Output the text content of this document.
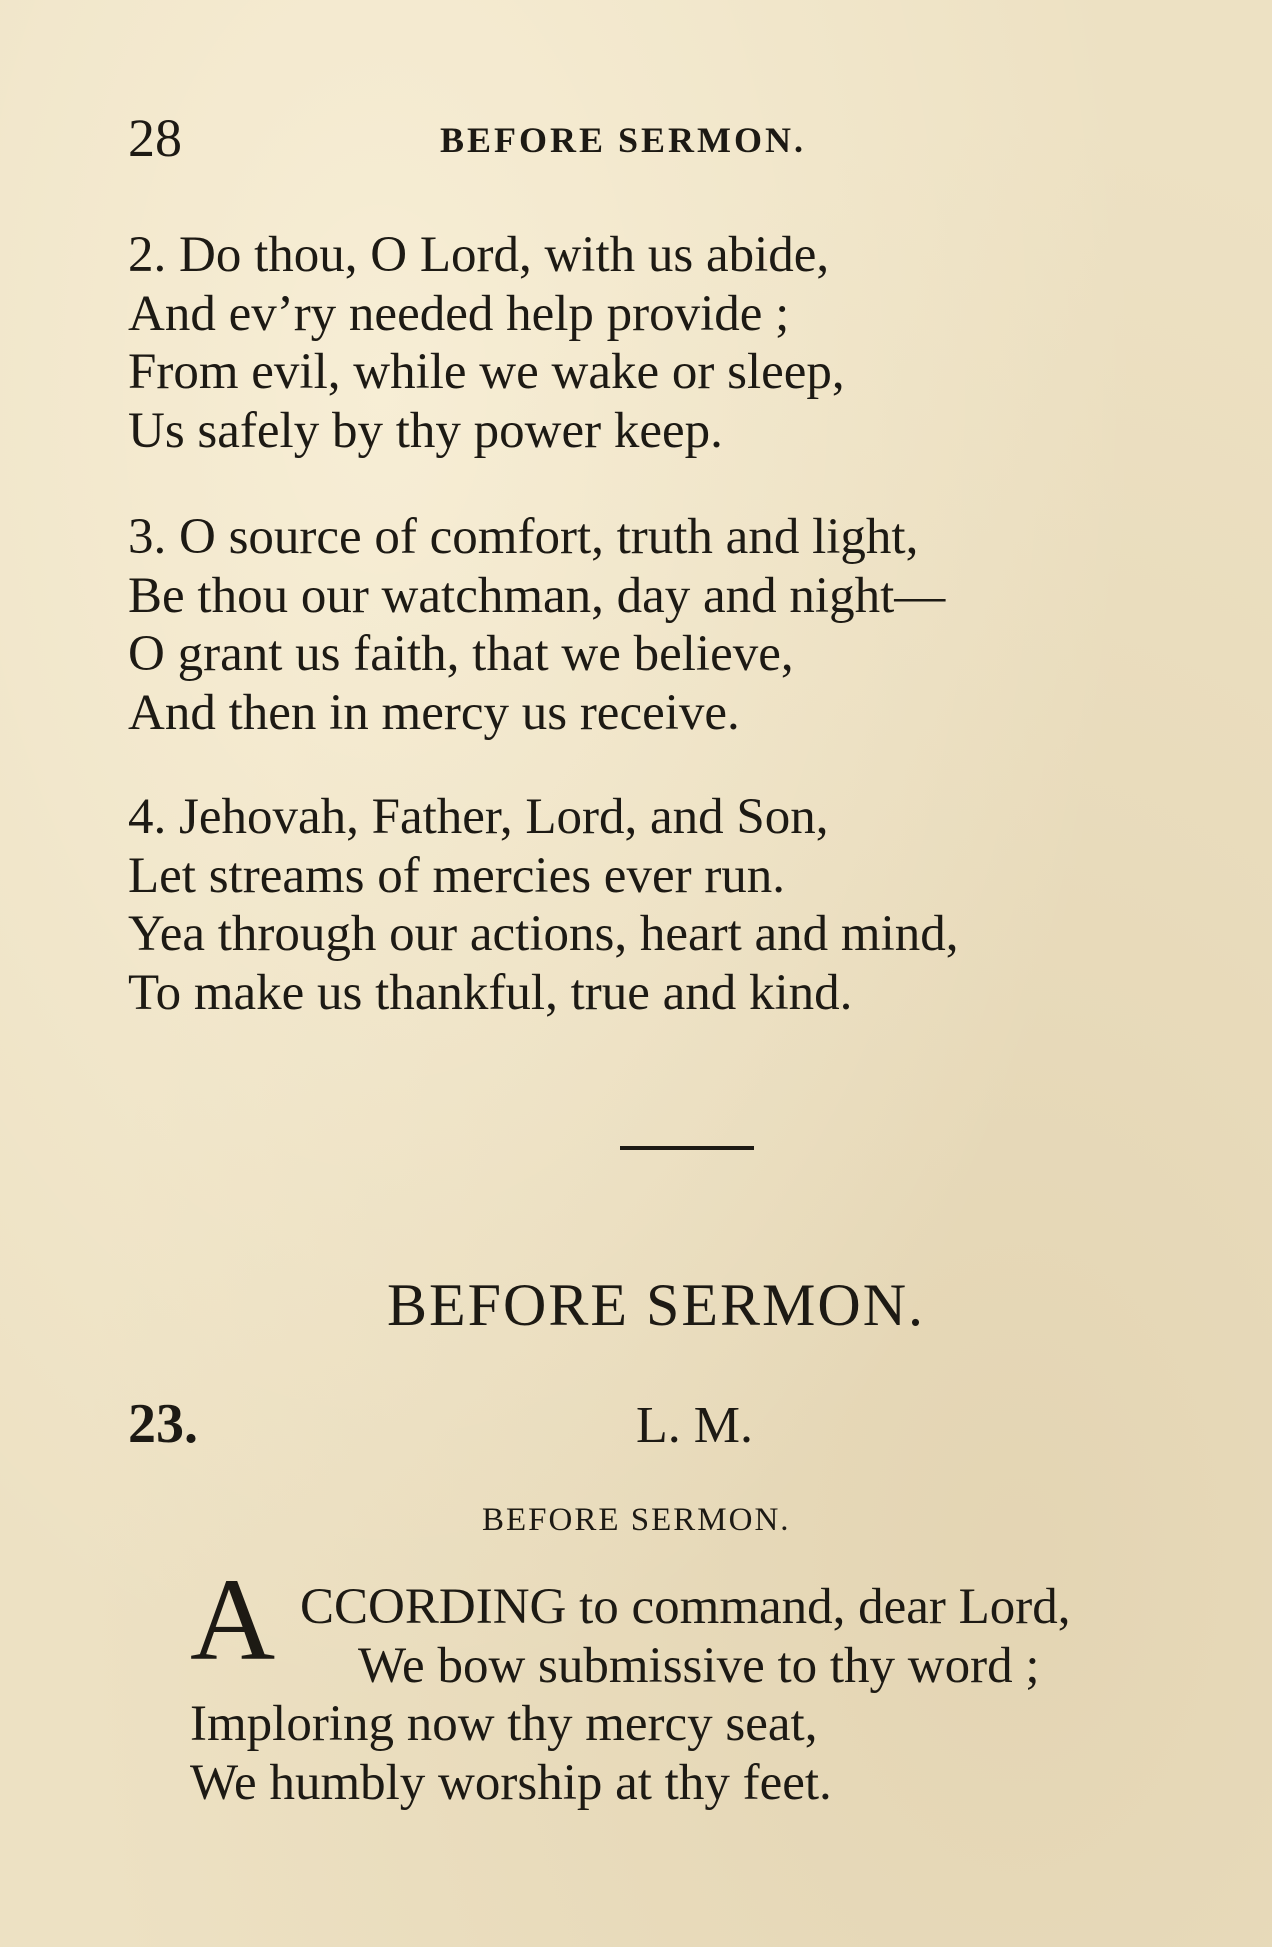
28	BEFORE SERMON.
2. Do thou, O Lord, with us abide,
And ev’ry needed help provide ;
From evil, while we wake or sleep,
Us safely by thy power keep.
3. O source of comfort, truth and light,
Be thou our watchman, day and night—
O grant us faith, that we believe,
And then in mercy us receive.
4. Jehovah, Father, Lord, and Son,
Let streams of mercies ever run.
Yea through our actions, heart and mind,
To make us thankful, true and kind.
BEFORE SERMON.
23.	L. M.
BEFORE SERMON.
A CCORDING to command, dear Lord,
We bow submissive to thy word ;
Imploring now thy mercy seat,
We humbly worship at thy feet.
